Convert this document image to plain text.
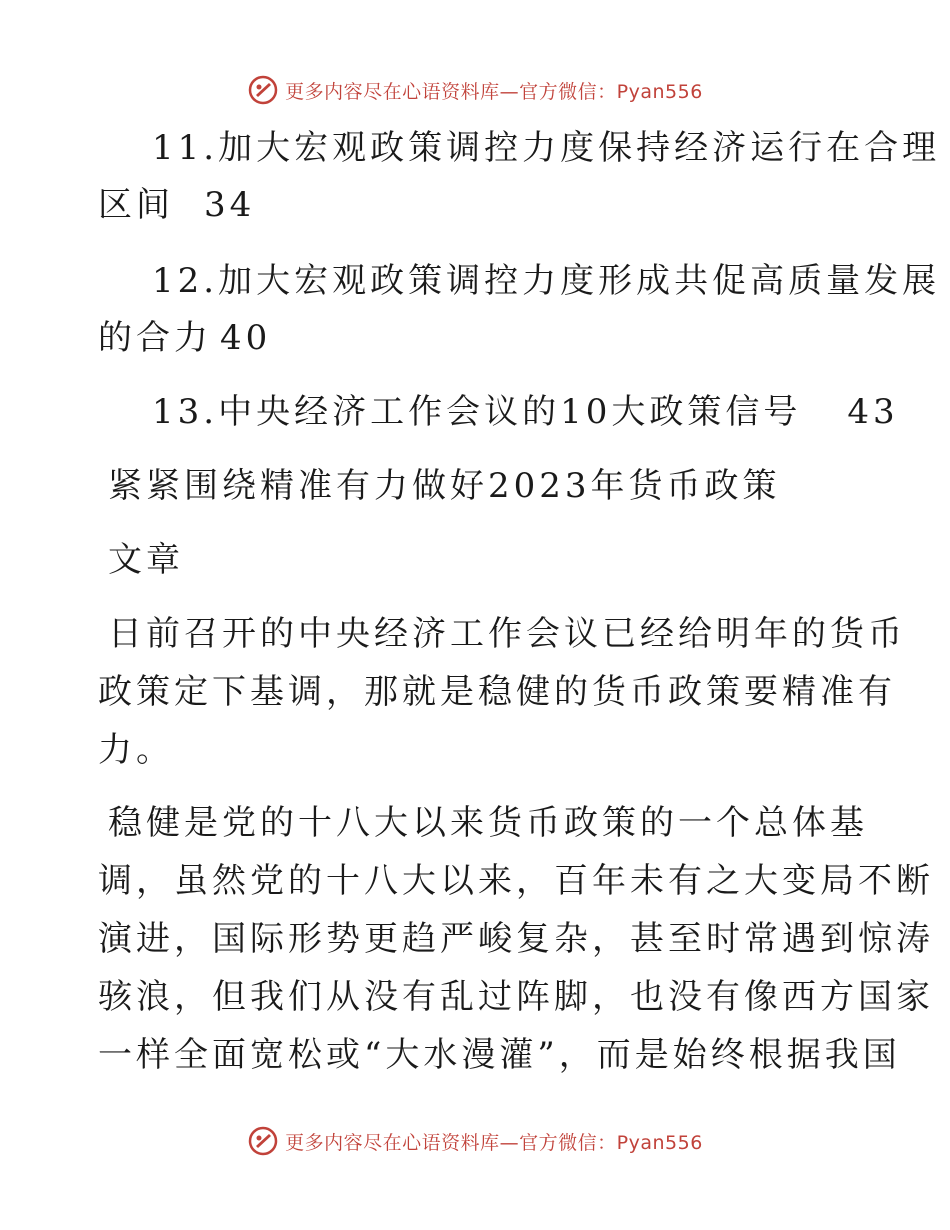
更多内容尽在心语资料库—官方微信：Pyan556
11.加大宏观政策调控力度保持经济运行在合理
区间 34
12.加大宏观政策调控力度形成共促高质量发展
的合力 40
13.中央经济工作会议的10大政策信号 43
紧紧围绕精准有力做好2023年货币政策
文章
日前召开的中央经济工作会议已经给明年的货币
政策定下基调，那就是稳健的货币政策要精准有
力。
稳健是党的十八大以来货币政策的一个总体基
调，虽然党的十八大以来，百年未有之大变局不断
演进，国际形势更趋严峻复杂，甚至时常遇到惊涛
骇浪，但我们从没有乱过阵脚，也没有像西方国家
一样全面宽松或“大水漫灌”，而是始终根据我国
更多内容尽在心语资料库—官方微信：Pyan556
